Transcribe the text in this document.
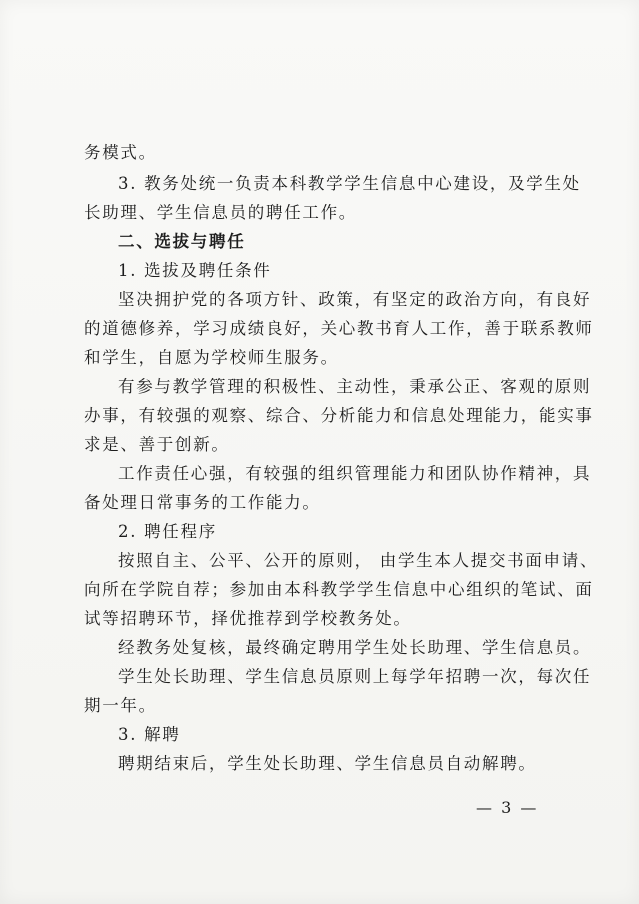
务模式。
3. 教务处统一负责本科教学学生信息中心建设，及学生处
长助理、学生信息员的聘任工作。
二、选拔与聘任
1. 选拔及聘任条件
坚决拥护党的各项方针、政策，有坚定的政治方向，有良好
的道德修养，学习成绩良好，关心教书育人工作，善于联系教师
和学生，自愿为学校师生服务。
有参与教学管理的积极性、主动性，秉承公正、客观的原则
办事，有较强的观察、综合、分析能力和信息处理能力，能实事
求是、善于创新。
工作责任心强，有较强的组织管理能力和团队协作精神，具
备处理日常事务的工作能力。
2. 聘任程序
按照自主、公平、公开的原则， 由学生本人提交书面申请、
向所在学院自荐；参加由本科教学学生信息中心组织的笔试、面
试等招聘环节，择优推荐到学校教务处。
经教务处复核，最终确定聘用学生处长助理、学生信息员。
学生处长助理、学生信息员原则上每学年招聘一次，每次任
期一年。
3. 解聘
聘期结束后，学生处长助理、学生信息员自动解聘。
— 3 —
